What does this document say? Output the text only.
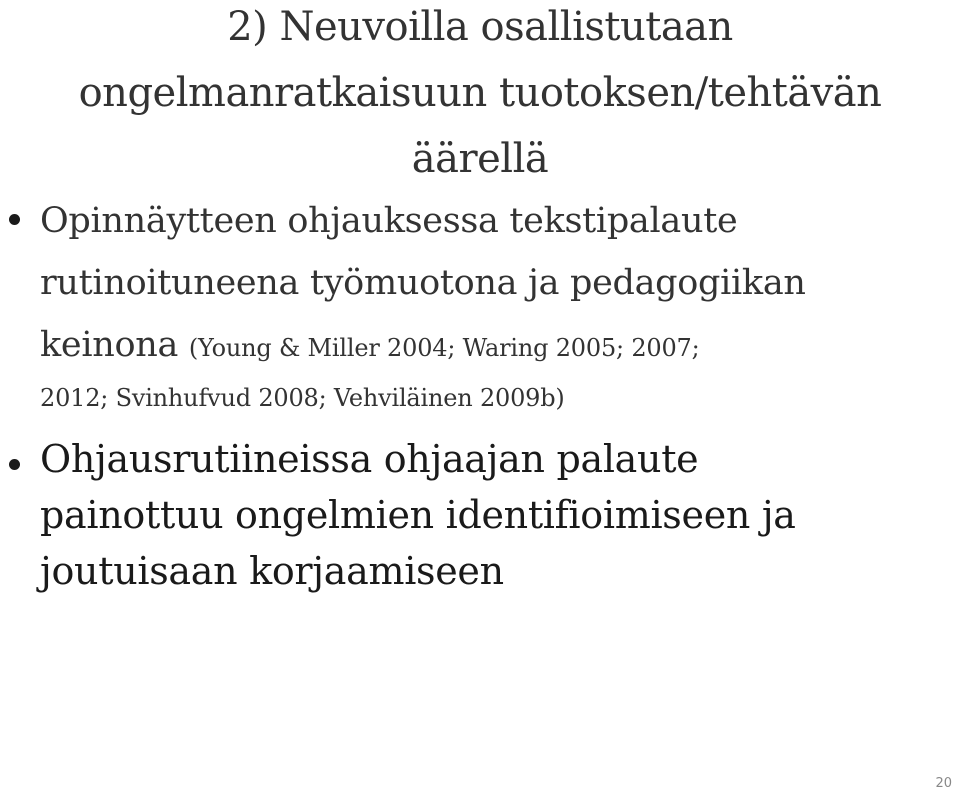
2) Neuvoilla osallistutaan
ongelmanratkaisuun tuotoksen/tehtävän
äärellä
Opinnäytteen ohjauksessa tekstipalaute
rutinoituneena työmuotona ja pedagogiikan
keinona (Young & Miller 2004; Waring 2005; 2007;
2012; Svinhufvud 2008; Vehviläinen 2009b)
Ohjausrutiineissa ohjaajan palaute
painottuu ongelmien identifioimiseen ja
joutuisaan korjaamiseen
20
